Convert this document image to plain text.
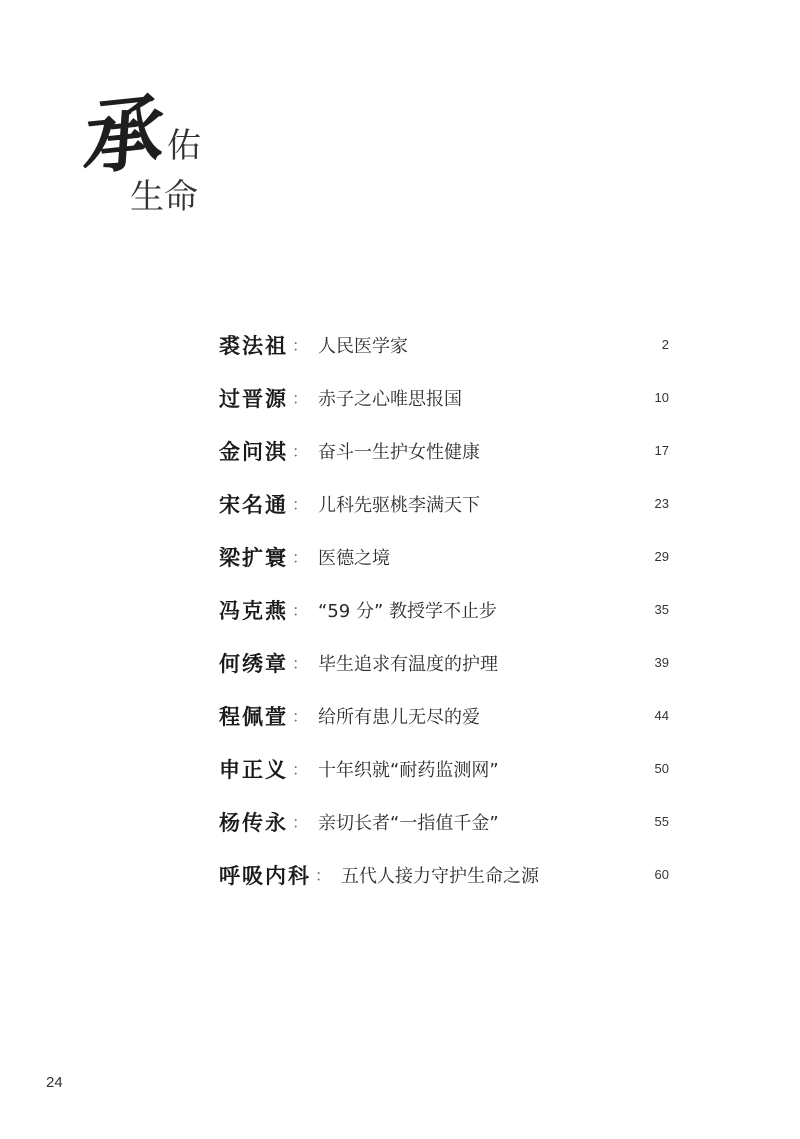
承 佑
生命
裘法祖 ： 人民医学家	2
过晋源 ： 赤子之心唯思报国	10
金问淇 ： 奋斗一生护女性健康	17
宋名通 ： 儿科先驱桃李满天下	23
梁扩寰 ： 医德之境	29
冯克燕 ： “59 分” 教授学不止步	35
何绣章 ： 毕生追求有温度的护理	39
程佩萱 ： 给所有患儿无尽的爱	44
申正义 ： 十年织就“耐药监测网”	50
杨传永 ： 亲切长者“一指值千金”	55
呼吸内科 ： 五代人接力守护生命之源	60
24
